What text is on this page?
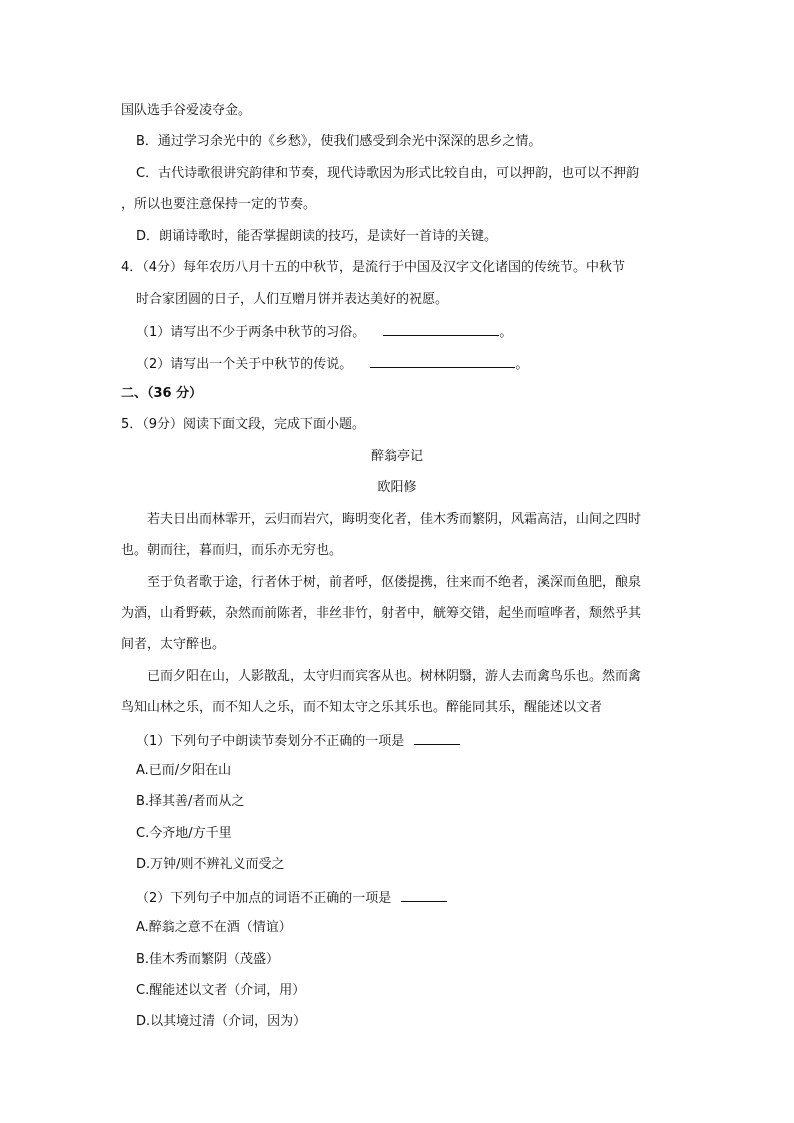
国队选手谷爱凌夺金。

B．通过学习余光中的《乡愁》，使我们感受到余光中深深的思乡之情。

C．古代诗歌很讲究韵律和节奏，现代诗歌因为形式比较自由，可以押韵，也可以不押韵

，所以也要注意保持一定的节奏。

D．朗诵诗歌时，能否掌握朗读的技巧，是读好一首诗的关键。

4．（4分）每年农历八月十五的中秋节，是流行于中国及汉字文化诸国的传统节。中秋节

时合家团圆的日子，人们互赠月饼并表达美好的祝愿。

（1）请写出不少于两条中秋节的习俗。	。

（2）请写出一个关于中秋节的传说。	。

二、（36 分）

5．（9分）阅读下面文段，完成下面小题。

醉翁亭记

欧阳修

若夫日出而林霏开，云归而岩穴，晦明变化者，佳木秀而繁阴，风霜高洁，山间之四时

也。朝而往，暮而归，而乐亦无穷也。

至于负者歌于途，行者休于树，前者呼，伛偻提携，往来而不绝者，溪深而鱼肥，酿泉

为酒，山肴野蔌，杂然而前陈者，非丝非竹，射者中，觥筹交错，起坐而喧哗者，颓然乎其

间者，太守醉也。

已而夕阳在山，人影散乱，太守归而宾客从也。树林阴翳，游人去而禽鸟乐也。然而禽

鸟知山林之乐，而不知人之乐，而不知太守之乐其乐也。醉能同其乐，醒能述以文者

（1）下列句子中朗读节奏划分不正确的一项是

A.已而/夕阳在山

B.择其善/者而从之

C.今齐地/方千里

D.万钟/则不辨礼义而受之

（2）下列句子中加点的词语不正确的一项是

A.醉翁之意不在酒（情谊）

B.佳木秀而繁阴（茂盛）

C.醒能述以文者（介词，用）

D.以其境过清（介词，因为）
